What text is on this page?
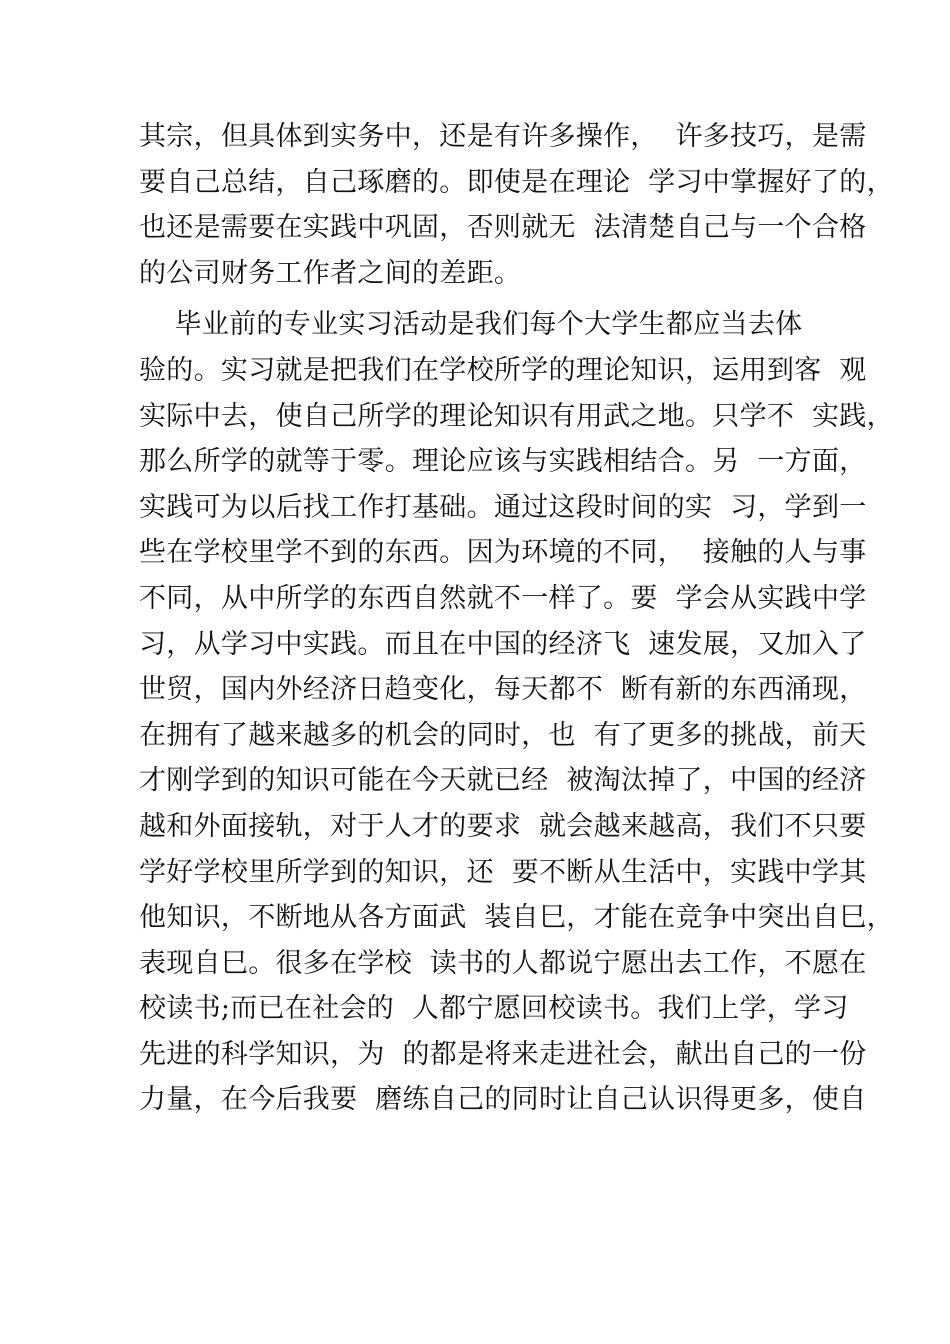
其宗，但具体到实务中，还是有许多操作，  许多技巧，是需
要自己总结，自己琢磨的。即使是在理论  学习中掌握好了的，
也还是需要在实践中巩固，否则就无  法清楚自己与一个合格
的公司财务工作者之间的差距。
毕业前的专业实习活动是我们每个大学生都应当去体
验的。实习就是把我们在学校所学的理论知识，运用到客  观
实际中去，使自己所学的理论知识有用武之地。只学不  实践，
那么所学的就等于零。理论应该与实践相结合。另  一方面，
实践可为以后找工作打基础。通过这段时间的实  习，学到一
些在学校里学不到的东西。因为环境的不同，  接触的人与事
不同，从中所学的东西自然就不一样了。要  学会从实践中学
习，从学习中实践。而且在中国的经济飞  速发展，又加入了
世贸，国内外经济日趋变化，每天都不  断有新的东西涌现，
在拥有了越来越多的机会的同时，也  有了更多的挑战，前天
才刚学到的知识可能在今天就已经  被淘汰掉了，中国的经济
越和外面接轨，对于人才的要求  就会越来越高，我们不只要
学好学校里所学到的知识，还  要不断从生活中，实践中学其
他知识，不断地从各方面武  装自巳，才能在竞争中突出自巳，
表现自巳。很多在学校  读书的人都说宁愿出去工作，不愿在
校读书;而已在社会的  人都宁愿回校读书。我们上学，学习
先进的科学知识，为  的都是将来走进社会，献出自己的一份
力量，在今后我要  磨练自己的同时让自己认识得更多，使自
